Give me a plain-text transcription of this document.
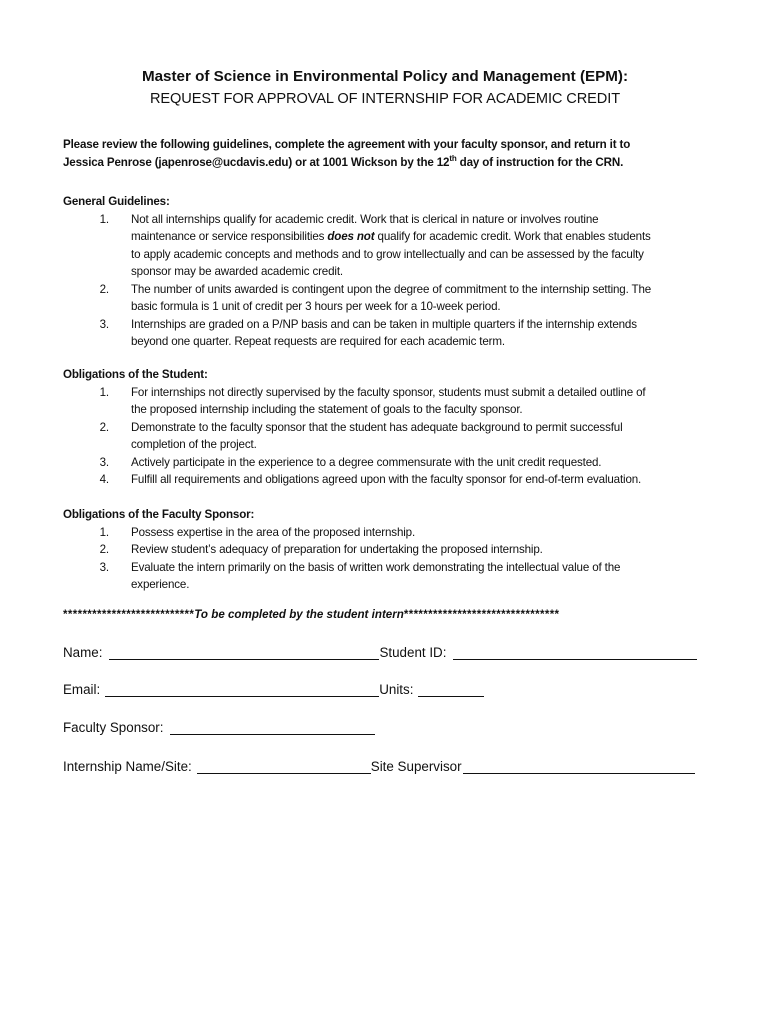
Master of Science in Environmental Policy and Management (EPM):
REQUEST FOR APPROVAL OF INTERNSHIP FOR ACADEMIC CREDIT
Please review the following guidelines, complete the agreement with your faculty sponsor, and return it to
Jessica Penrose (japenrose@ucdavis.edu) or at 1001 Wickson by the 12th day of instruction for the CRN.
General Guidelines:
1. Not all internships qualify for academic credit. Work that is clerical in nature or involves routine
maintenance or service responsibilities does not qualify for academic credit. Work that enables students
to apply academic concepts and methods and to grow intellectually and can be assessed by the faculty
sponsor may be awarded academic credit.
2. The number of units awarded is contingent upon the degree of commitment to the internship setting. The
basic formula is 1 unit of credit per 3 hours per week for a 10-week period.
3. Internships are graded on a P/NP basis and can be taken in multiple quarters if the internship extends
beyond one quarter. Repeat requests are required for each academic term.
Obligations of the Student:
1. For internships not directly supervised by the faculty sponsor, students must submit a detailed outline of
the proposed internship including the statement of goals to the faculty sponsor.
2. Demonstrate to the faculty sponsor that the student has adequate background to permit successful
completion of the project.
3. Actively participate in the experience to a degree commensurate with the unit credit requested.
4. Fulfill all requirements and obligations agreed upon with the faculty sponsor for end-of-term evaluation.
Obligations of the Faculty Sponsor:
1. Possess expertise in the area of the proposed internship.
2. Review student’s adequacy of preparation for undertaking the proposed internship.
3. Evaluate the intern primarily on the basis of written work demonstrating the intellectual value of the
experience.
***************************To be completed by the student intern********************************
Name:	Student ID:
Email:	Units:
Faculty Sponsor:
Internship Name/Site:	Site Supervisor
